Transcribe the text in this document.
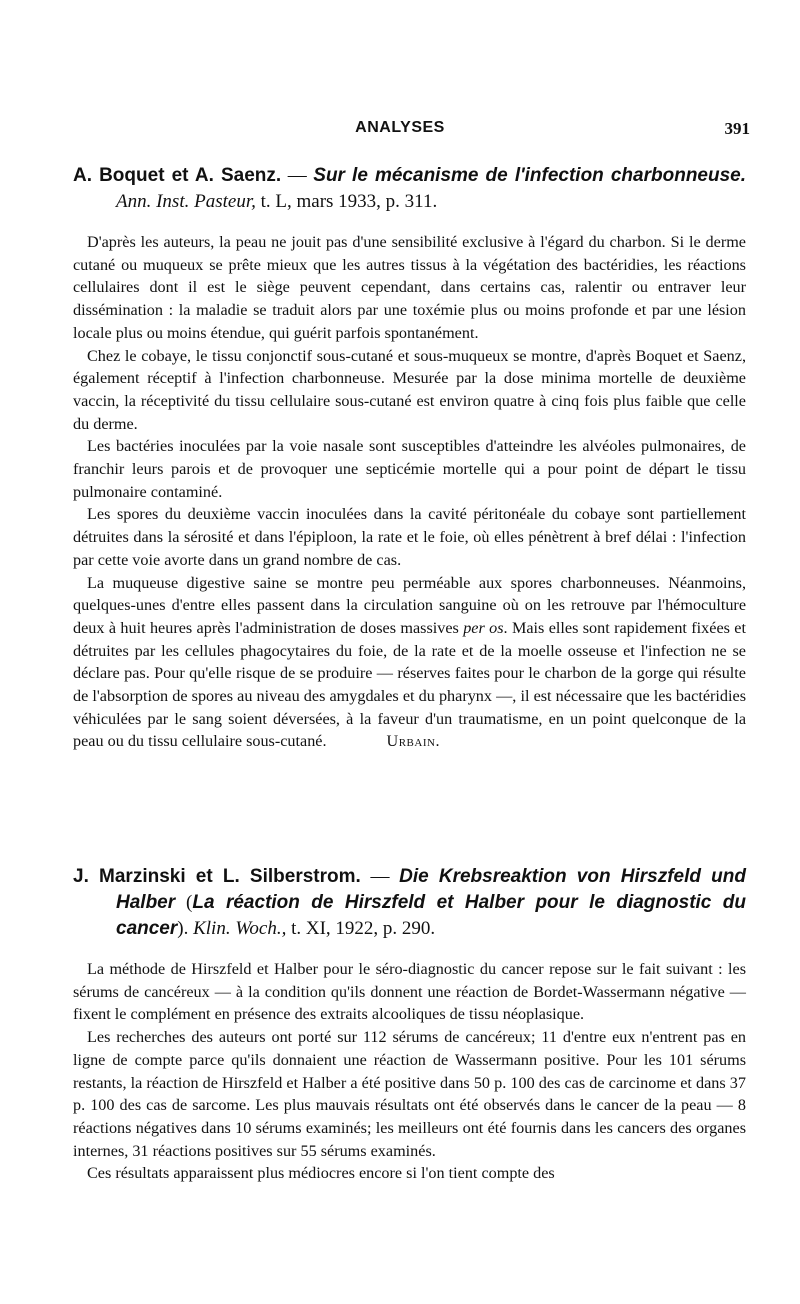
ANALYSES	391
A. Boquet et A. Saenz. — Sur le mécanisme de l'infection charbonneuse. Ann. Inst. Pasteur, t. L, mars 1933, p. 311.

D'après les auteurs, la peau ne jouit pas d'une sensibilité exclusive à l'égard du charbon. Si le derme cutané ou muqueux se prête mieux que les autres tissus à la végétation des bactéridies, les réactions cellulaires dont il est le siège peuvent cependant, dans certains cas, ralentir ou entraver leur dissémination : la maladie se traduit alors par une toxémie plus ou moins profonde et par une lésion locale plus ou moins étendue, qui guérit parfois spontanément.

Chez le cobaye, le tissu conjonctif sous-cutané et sous-muqueux se montre, d'après Boquet et Saenz, également réceptif à l'infection charbonneuse. Mesurée par la dose minima mortelle de deuxième vaccin, la réceptivité du tissu cellulaire sous-cutané est environ quatre à cinq fois plus faible que celle du derme.

Les bactéries inoculées par la voie nasale sont susceptibles d'atteindre les alvéoles pulmonaires, de franchir leurs parois et de provoquer une septicémie mortelle qui a pour point de départ le tissu pulmonaire contaminé.

Les spores du deuxième vaccin inoculées dans la cavité péritonéale du cobaye sont partiellement détruites dans la sérosité et dans l'épiploon, la rate et le foie, où elles pénètrent à bref délai : l'infection par cette voie avorte dans un grand nombre de cas.

La muqueuse digestive saine se montre peu perméable aux spores charbonneuses. Néanmoins, quelques-unes d'entre elles passent dans la circulation sanguine où on les retrouve par l'hémoculture deux à huit heures après l'administration de doses massives per os. Mais elles sont rapidement fixées et détruites par les cellules phagocytaires du foie, de la rate et de la moelle osseuse et l'infection ne se déclare pas. Pour qu'elle risque de se produire — réserves faites pour le charbon de la gorge qui résulte de l'absorption de spores au niveau des amygdales et du pharynx —, il est nécessaire que les bactéridies véhiculées par le sang soient déversées, à la faveur d'un traumatisme, en un point quelconque de la peau ou du tissu cellulaire sous-cutané.	Urbain.

J. Marzinski et L. Silberstrom. — Die Krebsreaktion von Hirszfeld und Halber (La réaction de Hirszfeld et Halber pour le diagnostic du cancer). Klin. Woch., t. XI, 1922, p. 290.

La méthode de Hirszfeld et Halber pour le séro-diagnostic du cancer repose sur le fait suivant : les sérums de cancéreux — à la condition qu'ils donnent une réaction de Bordet-Wassermann négative — fixent le complément en présence des extraits alcooliques de tissu néoplasique.

Les recherches des auteurs ont porté sur 112 sérums de cancéreux; 11 d'entre eux n'entrent pas en ligne de compte parce qu'ils donnaient une réaction de Wassermann positive. Pour les 101 sérums restants, la réaction de Hirszfeld et Halber a été positive dans 50 p. 100 des cas de carcinome et dans 37 p. 100 des cas de sarcome. Les plus mauvais résultats ont été observés dans le cancer de la peau — 8 réactions négatives dans 10 sérums examinés; les meilleurs ont été fournis dans les cancers des organes internes, 31 réactions positives sur 55 sérums examinés.

Ces résultats apparaissent plus médiocres encore si l'on tient compte des
